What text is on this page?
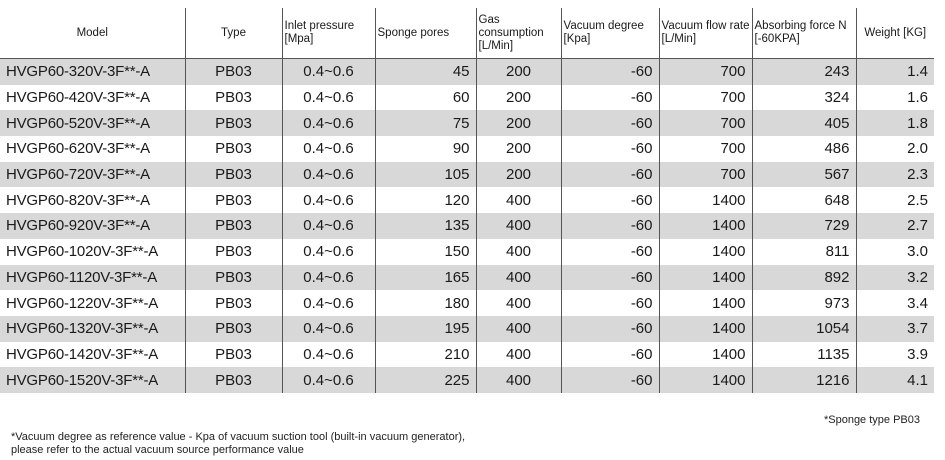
Model	Type	Inlet pressure [Mpa]	Sponge pores	Gas consumption [L/Min]	Vacuum degree [Kpa]	Vacuum flow rate [L/Min]	Absorbing force N [-60KPA]	Weight [KG]
HVGP60-320V-3F**-A	PB03	0.4~0.6	45	200	-60	700	243	1.4
HVGP60-420V-3F**-A	PB03	0.4~0.6	60	200	-60	700	324	1.6
HVGP60-520V-3F**-A	PB03	0.4~0.6	75	200	-60	700	405	1.8
HVGP60-620V-3F**-A	PB03	0.4~0.6	90	200	-60	700	486	2.0
HVGP60-720V-3F**-A	PB03	0.4~0.6	105	200	-60	700	567	2.3
HVGP60-820V-3F**-A	PB03	0.4~0.6	120	400	-60	1400	648	2.5
HVGP60-920V-3F**-A	PB03	0.4~0.6	135	400	-60	1400	729	2.7
HVGP60-1020V-3F**-A	PB03	0.4~0.6	150	400	-60	1400	811	3.0
HVGP60-1120V-3F**-A	PB03	0.4~0.6	165	400	-60	1400	892	3.2
HVGP60-1220V-3F**-A	PB03	0.4~0.6	180	400	-60	1400	973	3.4
HVGP60-1320V-3F**-A	PB03	0.4~0.6	195	400	-60	1400	1054	3.7
HVGP60-1420V-3F**-A	PB03	0.4~0.6	210	400	-60	1400	1135	3.9
HVGP60-1520V-3F**-A	PB03	0.4~0.6	225	400	-60	1400	1216	4.1
*Sponge type PB03
*Vacuum degree as reference value - Kpa of vacuum suction tool (built-in vacuum generator),
please refer to the actual vacuum source performance value
